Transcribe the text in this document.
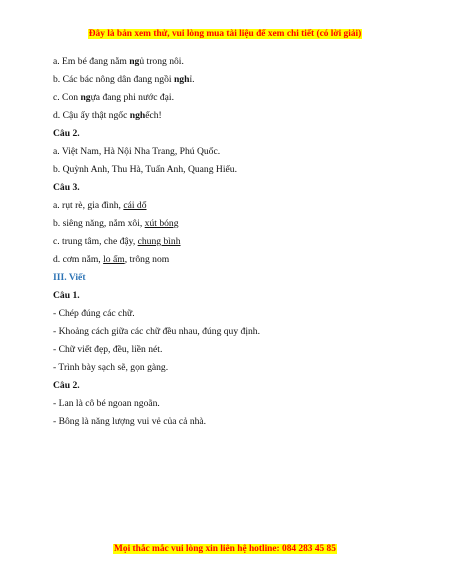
Đây là bản xem thử, vui lòng mua tài liệu để xem chi tiết (có lời giải)
a. Em bé đang nằm ngủ trong nôi.
b. Các bác nông dân đang ngồi nghỉ.
c. Con ngựa đang phi nước đại.
d. Cậu ấy thật ngốc nghếch!
Câu 2.
a. Việt Nam, Hà Nội Nha Trang, Phú Quốc.
b. Quỳnh Anh, Thu Hà, Tuấn Anh, Quang Hiếu.
Câu 3.
a. rụt rè, gia đình, cái dố
b. siêng năng, nắm xôi, xút bóng
c. trung tâm, che đậy, chung bình
d. cơm nắm, lo ấm, trông nom
III. Viết
Câu 1.
- Chép đúng các chữ.
- Khoảng cách giữa các chữ đều nhau, đúng quy định.
- Chữ viết đẹp, đều, liền nét.
- Trình bày sạch sẽ, gọn gàng.
Câu 2.
- Lan là cô bé ngoan ngoãn.
- Bông là năng lượng vui vẻ của cả nhà.
Mọi thắc mắc vui lòng xin liên hệ hotline: 084 283 45 85
